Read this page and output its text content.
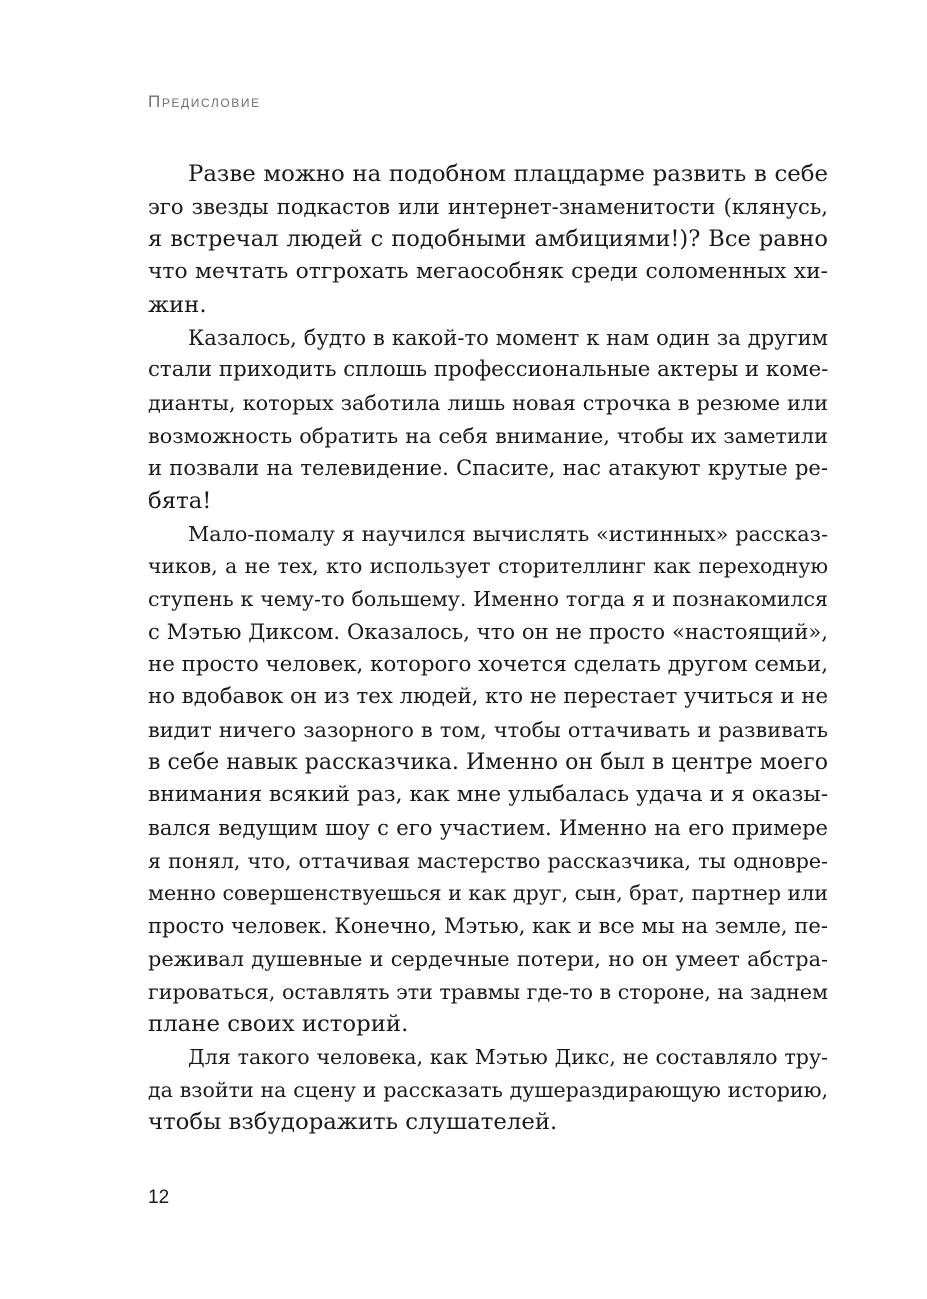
Предисловие
Разве можно на подобном плацдарме развить в себе
эго звезды подкастов или интернет-знаменитости (клянусь,
я встречал людей с подобными амбициями!)? Все равно
что мечтать отгрохать мегаособняк среди соломенных хи-
жин.
Казалось, будто в какой-то момент к нам один за другим
стали приходить сплошь профессиональные актеры и коме-
дианты, которых заботила лишь новая строчка в резюме или
возможность обратить на себя внимание, чтобы их заметили
и позвали на телевидение. Спасите, нас атакуют крутые ре-
бята!
Мало-помалу я научился вычислять «истинных» рассказ-
чиков, а не тех, кто использует сторителлинг как переходную
ступень к чему-то большему. Именно тогда я и познакомился
с Мэтью Диксом. Оказалось, что он не просто «настоящий»,
не просто человек, которого хочется сделать другом семьи,
но вдобавок он из тех людей, кто не перестает учиться и не
видит ничего зазорного в том, чтобы оттачивать и развивать
в себе навык рассказчика. Именно он был в центре моего
внимания всякий раз, как мне улыбалась удача и я оказы-
вался ведущим шоу с его участием. Именно на его примере
я понял, что, оттачивая мастерство рассказчика, ты одновре-
менно совершенствуешься и как друг, сын, брат, партнер или
просто человек. Конечно, Мэтью, как и все мы на земле, пе-
реживал душевные и сердечные потери, но он умеет абстра-
гироваться, оставлять эти травмы где-то в стороне, на заднем
плане своих историй.
Для такого человека, как Мэтью Дикс, не составляло тру-
да взойти на сцену и рассказать душераздирающую историю,
чтобы взбудоражить слушателей.
12
